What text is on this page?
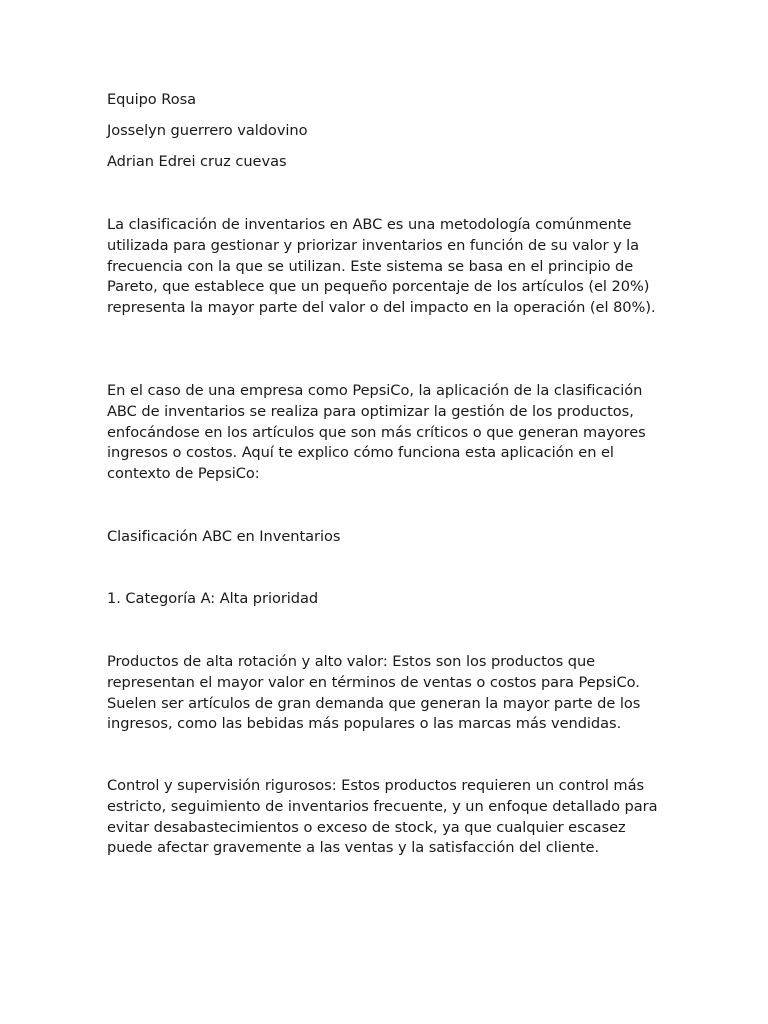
Equipo Rosa

Josselyn guerrero valdovino

Adrian Edrei cruz cuevas

La clasificación de inventarios en ABC es una metodología comúnmente utilizada para gestionar y priorizar inventarios en función de su valor y la frecuencia con la que se utilizan. Este sistema se basa en el principio de Pareto, que establece que un pequeño porcentaje de los artículos (el 20%) representa la mayor parte del valor o del impacto en la operación (el 80%).

En el caso de una empresa como PepsiCo, la aplicación de la clasificación ABC de inventarios se realiza para optimizar la gestión de los productos, enfocándose en los artículos que son más críticos o que generan mayores ingresos o costos. Aquí te explico cómo funciona esta aplicación en el contexto de PepsiCo:

Clasificación ABC en Inventarios

1. Categoría A: Alta prioridad

Productos de alta rotación y alto valor: Estos son los productos que representan el mayor valor en términos de ventas o costos para PepsiCo. Suelen ser artículos de gran demanda que generan la mayor parte de los ingresos, como las bebidas más populares o las marcas más vendidas.

Control y supervisión rigurosos: Estos productos requieren un control más estricto, seguimiento de inventarios frecuente, y un enfoque detallado para evitar desabastecimientos o exceso de stock, ya que cualquier escasez puede afectar gravemente a las ventas y la satisfacción del cliente.
